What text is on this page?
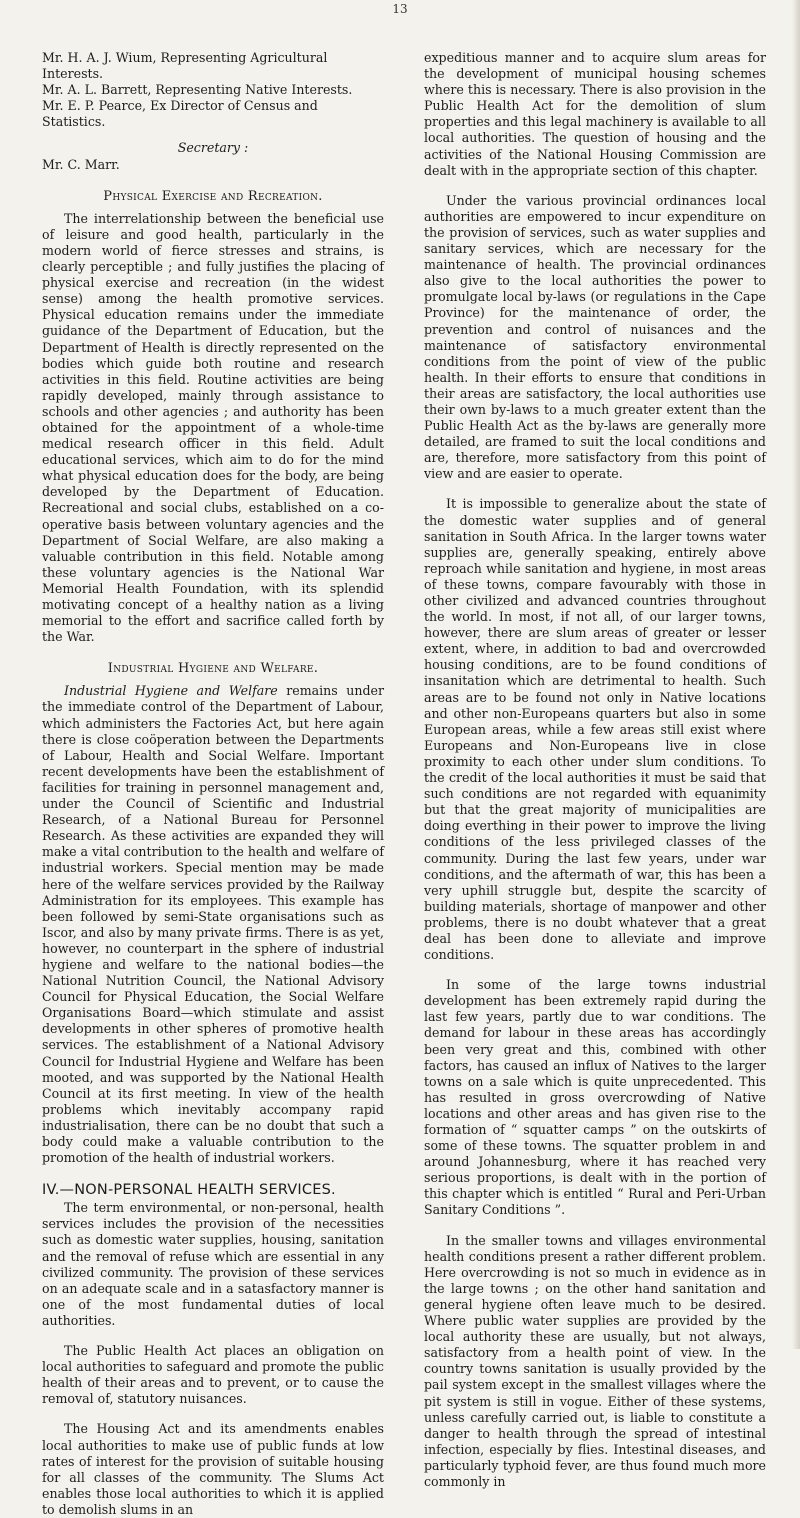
13

Mr. H. A. J. Wium, Representing Agricultural Interests.

Mr. A. L. Barrett, Representing Native Interests.

Mr. E. P. Pearce, Ex Director of Census and Statistics.

Secretary :

Mr. C. Marr.

Physical Exercise and Recreation.

The interrelationship between the beneficial use of leisure and good health, particularly in the modern world of fierce stresses and strains, is clearly perceptible ; and fully justifies the placing of physical exercise and recreation (in the widest sense) among the health promotive services. Physical education remains under the immediate guidance of the Department of Education, but the Department of Health is directly represented on the bodies which guide both routine and research activities in this field. Routine activities are being rapidly developed, mainly through assistance to schools and other agencies ; and authority has been obtained for the appointment of a whole-time medical research officer in this field. Adult educational services, which aim to do for the mind what physical education does for the body, are being developed by the Department of Education. Recreational and social clubs, established on a co-operative basis between voluntary agencies and the Department of Social Welfare, are also making a valuable contribution in this field. Notable among these voluntary agencies is the National War Memorial Health Foundation, with its splendid motivating concept of a healthy nation as a living memorial to the effort and sacrifice called forth by the War.

Industrial Hygiene and Welfare.

Industrial Hygiene and Welfare remains under the immediate control of the Department of Labour, which administers the Factories Act, but here again there is close coöperation between the Departments of Labour, Health and Social Welfare. Important recent developments have been the establishment of facilities for training in personnel management and, under the Council of Scientific and Industrial Research, of a National Bureau for Personnel Research. As these activities are expanded they will make a vital contribution to the health and welfare of industrial workers. Special mention may be made here of the welfare services provided by the Railway Administration for its employees. This example has been followed by semi-State organisations such as Iscor, and also by many private firms. There is as yet, however, no counterpart in the sphere of industrial hygiene and welfare to the national bodies—the National Nutrition Council, the National Advisory Council for Physical Education, the Social Welfare Organisations Board—which stimulate and assist developments in other spheres of promotive health services. The establishment of a National Advisory Council for Industrial Hygiene and Welfare has been mooted, and was supported by the National Health Council at its first meeting. In view of the health problems which inevitably accompany rapid industrialisation, there can be no doubt that such a body could make a valuable contribution to the promotion of the health of industrial workers.

IV.—NON-PERSONAL HEALTH SERVICES.

The term environmental, or non-personal, health services includes the provision of the necessities such as domestic water supplies, housing, sanitation and the removal of refuse which are essential in any civilized community. The provision of these services on an adequate scale and in a satasfactory manner is one of the most fundamental duties of local authorities.

The Public Health Act places an obligation on local authorities to safeguard and promote the public health of their areas and to prevent, or to cause the removal of, statutory nuisances.

The Housing Act and its amendments enables local authorities to make use of public funds at low rates of interest for the provision of suitable housing for all classes of the community. The Slums Act enables those local authorities to which it is applied to demolish slums in an

expeditious manner and to acquire slum areas for the development of municipal housing schemes where this is necessary. There is also provision in the Public Health Act for the demolition of slum properties and this legal machinery is available to all local authorities. The question of housing and the activities of the National Housing Commission are dealt with in the appropriate section of this chapter.

Under the various provincial ordinances local authorities are empowered to incur expenditure on the provision of services, such as water supplies and sanitary services, which are necessary for the maintenance of health. The provincial ordinances also give to the local authorities the power to promulgate local by-laws (or regulations in the Cape Province) for the maintenance of order, the prevention and control of nuisances and the maintenance of satisfactory environmental conditions from the point of view of the public health. In their efforts to ensure that conditions in their areas are satisfactory, the local authorities use their own by-laws to a much greater extent than the Public Health Act as the by-laws are generally more detailed, are framed to suit the local conditions and are, therefore, more satisfactory from this point of view and are easier to operate.

It is impossible to generalize about the state of the domestic water supplies and of general sanitation in South Africa. In the larger towns water supplies are, generally speaking, entirely above reproach while sanitation and hygiene, in most areas of these towns, compare favourably with those in other civilized and advanced countries throughout the world. In most, if not all, of our larger towns, however, there are slum areas of greater or lesser extent, where, in addition to bad and overcrowded housing conditions, are to be found conditions of insanitation which are detrimental to health. Such areas are to be found not only in Native locations and other non-Europeans quarters but also in some European areas, while a few areas still exist where Europeans and Non-Europeans live in close proximity to each other under slum conditions. To the credit of the local authorities it must be said that such conditions are not regarded with equanimity but that the great majority of municipalities are doing everthing in their power to improve the living conditions of the less privileged classes of the community. During the last few years, under war conditions, and the aftermath of war, this has been a very uphill struggle but, despite the scarcity of building materials, shortage of manpower and other problems, there is no doubt whatever that a great deal has been done to alleviate and improve conditions.

In some of the large towns industrial development has been extremely rapid during the last few years, partly due to war conditions. The demand for labour in these areas has accordingly been very great and this, combined with other factors, has caused an influx of Natives to the larger towns on a sale which is quite unprecedented. This has resulted in gross overcrowding of Native locations and other areas and has given rise to the formation of “ squatter camps ” on the outskirts of some of these towns. The squatter problem in and around Johannesburg, where it has reached very serious proportions, is dealt with in the portion of this chapter which is entitled “ Rural and Peri-Urban Sanitary Conditions ”.

In the smaller towns and villages environmental health conditions present a rather different problem. Here overcrowding is not so much in evidence as in the large towns ; on the other hand sanitation and general hygiene often leave much to be desired. Where public water supplies are provided by the local authority these are usually, but not always, satisfactory from a health point of view. In the country towns sanitation is usually provided by the pail system except in the smallest villages where the pit system is still in vogue. Either of these systems, unless carefully carried out, is liable to constitute a danger to health through the spread of intestinal infection, especially by flies. Intestinal diseases, and particularly typhoid fever, are thus found much more commonly in
